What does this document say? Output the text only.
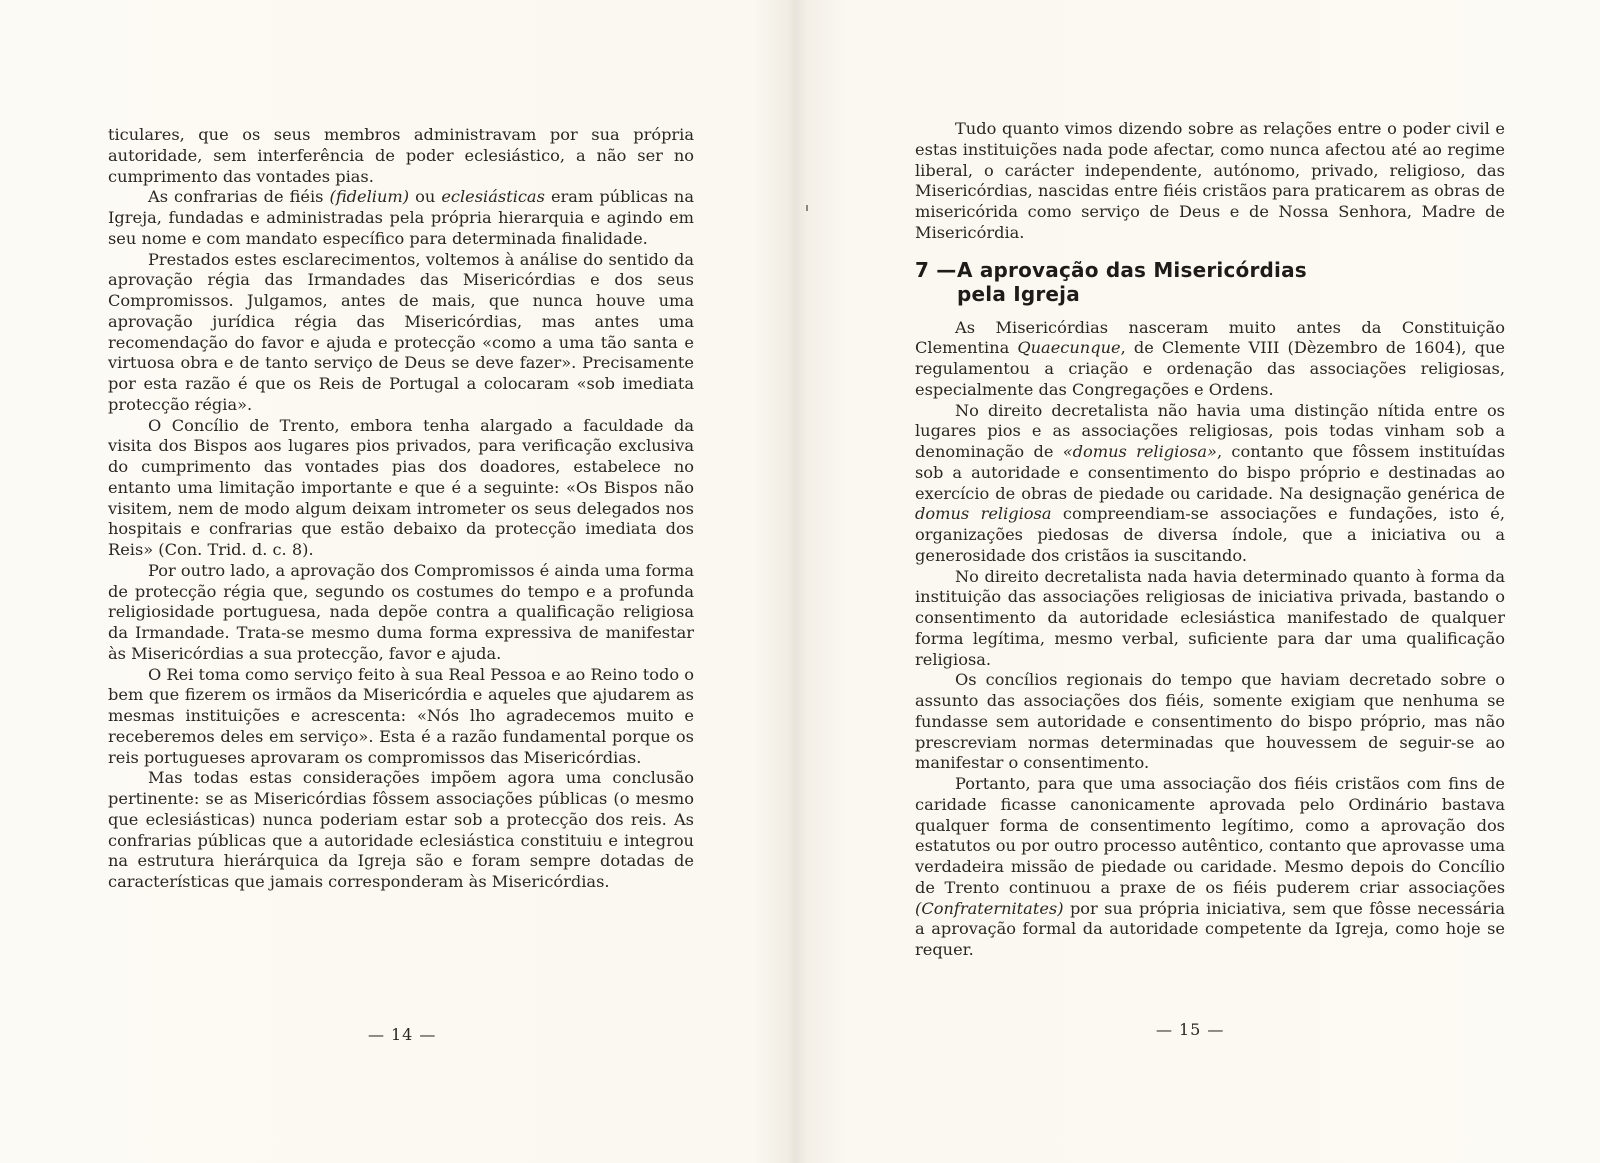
ticulares, que os seus membros administravam por sua própria autoridade, sem interferência de poder eclesiástico, a não ser no cumprimento das vontades pias.

As confrarias de fiéis (fidelium) ou eclesiásticas eram públicas na Igreja, fundadas e administradas pela própria hierarquia e agindo em seu nome e com mandato específico para determinada finalidade.

Prestados estes esclarecimentos, voltemos à análise do sentido da aprovação régia das Irmandades das Misericórdias e dos seus Compromissos. Julgamos, antes de mais, que nunca houve uma aprovação jurídica régia das Misericórdias, mas antes uma recomendação do favor e ajuda e protecção «como a uma tão santa e virtuosa obra e de tanto serviço de Deus se deve fazer». Precisamente por esta razão é que os Reis de Portugal a colocaram «sob imediata protecção régia».

O Concílio de Trento, embora tenha alargado a faculdade da visita dos Bispos aos lugares pios privados, para verificação exclusiva do cumprimento das vontades pias dos doadores, estabelece no entanto uma limitação importante e que é a seguinte: «Os Bispos não visitem, nem de modo algum deixam intrometer os seus delegados nos hospitais e confrarias que estão debaixo da protecção imediata dos Reis» (Con. Trid. d. c. 8).

Por outro lado, a aprovação dos Compromissos é ainda uma forma de protecção régia que, segundo os costumes do tempo e a profunda religiosidade portuguesa, nada depõe contra a qualificação religiosa da Irmandade. Trata-se mesmo duma forma expressiva de manifestar às Misericórdias a sua protecção, favor e ajuda.

O Rei toma como serviço feito à sua Real Pessoa e ao Reino todo o bem que fizerem os irmãos da Misericórdia e aqueles que ajudarem as mesmas instituições e acrescenta: «Nós lho agradecemos muito e receberemos deles em serviço». Esta é a razão fundamental porque os reis portugueses aprovaram os compromissos das Misericórdias.

Mas todas estas considerações impõem agora uma conclusão pertinente: se as Misericórdias fôssem associações públicas (o mesmo que eclesiásticas) nunca poderiam estar sob a protecção dos reis. As confrarias públicas que a autoridade eclesiástica constituiu e integrou na estrutura hierárquica da Igreja são e foram sempre dotadas de características que jamais corresponderam às Misericórdias.

— 14 —

Tudo quanto vimos dizendo sobre as relações entre o poder civil e estas instituições nada pode afectar, como nunca afectou até ao regime liberal, o carácter independente, autónomo, privado, religioso, das Misericórdias, nascidas entre fiéis cristãos para praticarem as obras de misericórida como serviço de Deus e de Nossa Senhora, Madre de Misericórdia.

7 —A aprovação das Misericórdias
pela Igreja

As Misericórdias nasceram muito antes da Constituição Clementina Quaecunque, de Clemente VIII (Dèzembro de 1604), que regulamentou a criação e ordenação das associações religiosas, especialmente das Congregações e Ordens.

No direito decretalista não havia uma distinção nítida entre os lugares pios e as associações religiosas, pois todas vinham sob a denominação de «domus religiosa», contanto que fôssem instituídas sob a autoridade e consentimento do bispo próprio e destinadas ao exercício de obras de piedade ou caridade. Na designação genérica de domus religiosa compreendiam-se associações e fundações, isto é, organizações piedosas de diversa índole, que a iniciativa ou a generosidade dos cristãos ia suscitando.

No direito decretalista nada havia determinado quanto à forma da instituição das associações religiosas de iniciativa privada, bastando o consentimento da autoridade eclesiástica manifestado de qualquer forma legítima, mesmo verbal, suficiente para dar uma qualificação religiosa.

Os concílios regionais do tempo que haviam decretado sobre o assunto das associações dos fiéis, somente exigiam que nenhuma se fundasse sem autoridade e consentimento do bispo próprio, mas não prescreviam normas determinadas que houvessem de seguir-se ao manifestar o consentimento.

Portanto, para que uma associação dos fiéis cristãos com fins de caridade ficasse canonicamente aprovada pelo Ordinário bastava qualquer forma de consentimento legítimo, como a aprovação dos estatutos ou por outro processo autêntico, contanto que aprovasse uma verdadeira missão de piedade ou caridade. Mesmo depois do Concílio de Trento continuou a praxe de os fiéis puderem criar associações (Confraternitates) por sua própria iniciativa, sem que fôsse necessária a aprovação formal da autoridade competente da Igreja, como hoje se requer.

— 15 —
